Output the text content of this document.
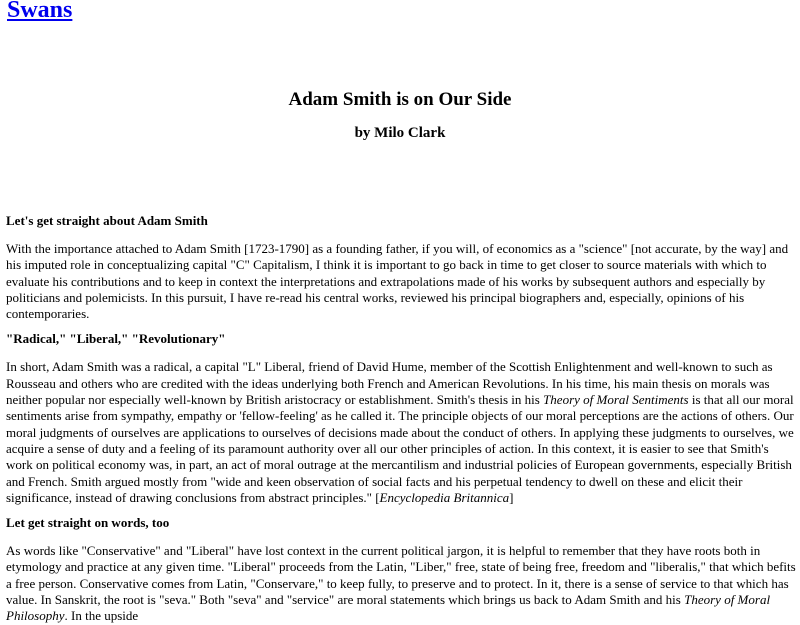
Swans
Adam Smith is on Our Side
by Milo Clark
Let's get straight about Adam Smith

With the importance attached to Adam Smith [1723-1790] as a founding father, if you will, of economics as a "science" [not accurate, by the way] and his imputed role in conceptualizing capital "C" Capitalism, I think it is important to go back in time to get closer to source materials with which to evaluate his contributions and to keep in context the interpretations and extrapolations made of his works by subsequent authors and especially by politicians and polemicists. In this pursuit, I have re-read his central works, reviewed his principal biographers and, especially, opinions of his contemporaries.

"Radical," "Liberal," "Revolutionary"

In short, Adam Smith was a radical, a capital "L" Liberal, friend of David Hume, member of the Scottish Enlightenment and well-known to such as Rousseau and others who are credited with the ideas underlying both French and American Revolutions. In his time, his main thesis on morals was neither popular nor especially well-known by British aristocracy or establishment. Smith's thesis in his Theory of Moral Sentiments is that all our moral sentiments arise from sympathy, empathy or 'fellow-feeling' as he called it. The principle objects of our moral perceptions are the actions of others. Our moral judgments of ourselves are applications to ourselves of decisions made about the conduct of others. In applying these judgments to ourselves, we acquire a sense of duty and a feeling of its paramount authority over all our other principles of action. In this context, it is easier to see that Smith's work on political economy was, in part, an act of moral outrage at the mercantilism and industrial policies of European governments, especially British and French. Smith argued mostly from "wide and keen observation of social facts and his perpetual tendency to dwell on these and elicit their significance, instead of drawing conclusions from abstract principles." [Encyclopedia Britannica]

Let get straight on words, too

As words like "Conservative" and "Liberal" have lost context in the current political jargon, it is helpful to remember that they have roots both in etymology and practice at any given time. "Liberal" proceeds from the Latin, "Liber," free, state of being free, freedom and "liberalis," that which befits a free person. Conservative comes from Latin, "Conservare," to keep fully, to preserve and to protect. In it, there is a sense of service to that which has value. In Sanskrit, the root is "seva." Both "seva" and "service" are moral statements which brings us back to Adam Smith and his Theory of Moral Philosophy. In the upside
